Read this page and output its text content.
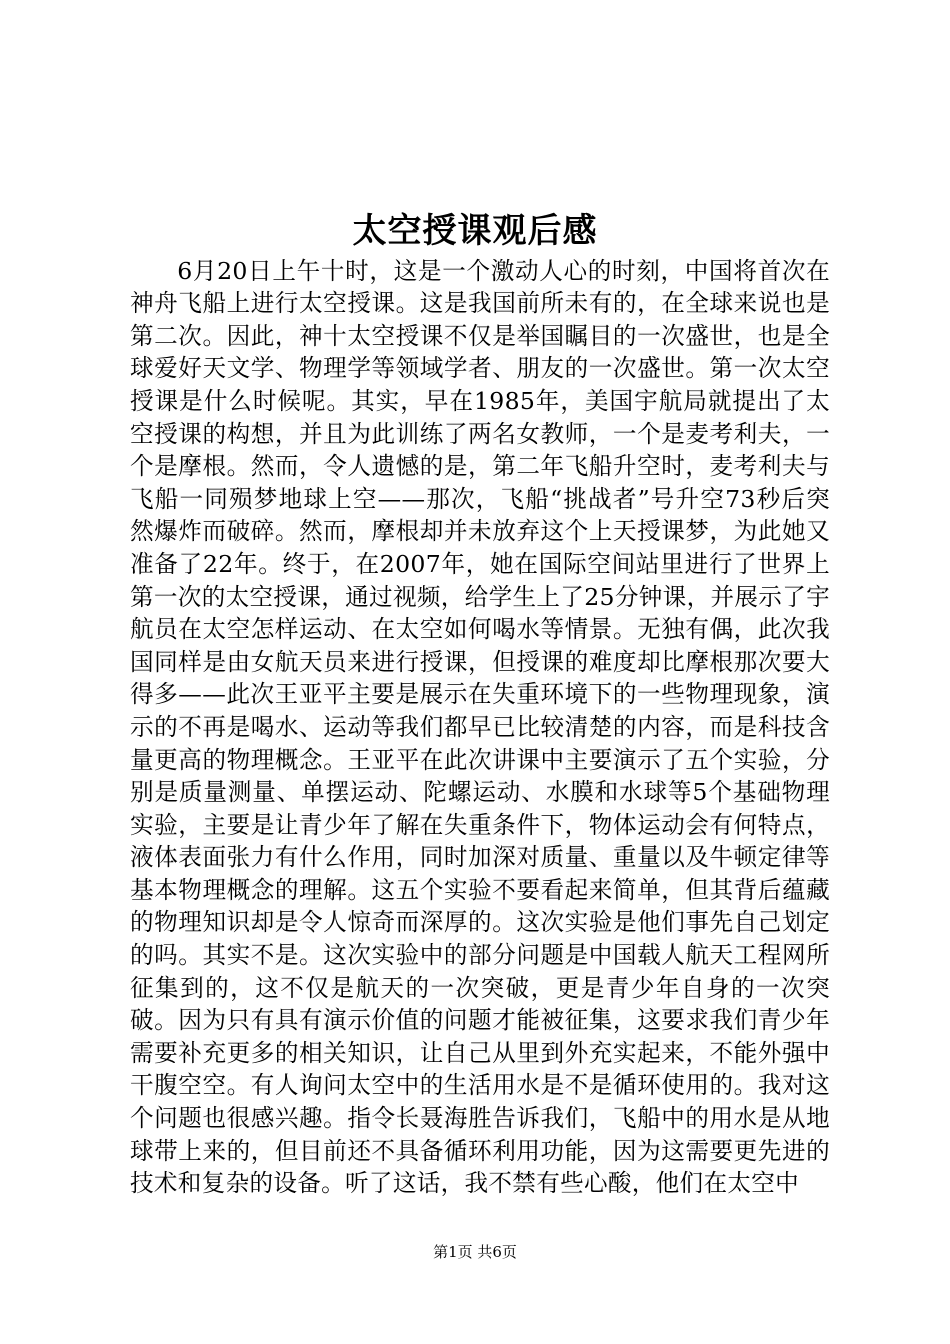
太空授课观后感

6月20日上午十时，这是一个激动人心的时刻，中国将首次在神舟飞船上进行太空授课。这是我国前所未有的，在全球来说也是第二次。因此，神十太空授课不仅是举国瞩目的一次盛世，也是全球爱好天文学、物理学等领域学者、朋友的一次盛世。第一次太空授课是什么时候呢。其实，早在1985年，美国宇航局就提出了太空授课的构想，并且为此训练了两名女教师，一个是麦考利夫，一个是摩根。然而，令人遗憾的是，第二年飞船升空时，麦考利夫与飞船一同殒梦地球上空——那次，飞船“挑战者”号升空73秒后突然爆炸而破碎。然而，摩根却并未放弃这个上天授课梦，为此她又准备了22年。终于，在2007年，她在国际空间站里进行了世界上第一次的太空授课，通过视频，给学生上了25分钟课，并展示了宇航员在太空怎样运动、在太空如何喝水等情景。无独有偶，此次我国同样是由女航天员来进行授课，但授课的难度却比摩根那次要大得多——此次王亚平主要是展示在失重环境下的一些物理现象，演示的不再是喝水、运动等我们都早已比较清楚的内容，而是科技含量更高的物理概念。王亚平在此次讲课中主要演示了五个实验，分别是质量测量、单摆运动、陀螺运动、水膜和水球等5个基础物理实验，主要是让青少年了解在失重条件下，物体运动会有何特点，液体表面张力有什么作用，同时加深对质量、重量以及牛顿定律等基本物理概念的理解。这五个实验不要看起来简单，但其背后蕴藏的物理知识却是令人惊奇而深厚的。这次实验是他们事先自己划定的吗。其实不是。这次实验中的部分问题是中国载人航天工程网所征集到的，这不仅是航天的一次突破，更是青少年自身的一次突破。因为只有具有演示价值的问题才能被征集，这要求我们青少年需要补充更多的相关知识，让自己从里到外充实起来，不能外强中干腹空空。有人询问太空中的生活用水是不是循环使用的。我对这个问题也很感兴趣。指令长聂海胜告诉我们，飞船中的用水是从地球带上来的，但目前还不具备循环利用功能，因为这需要更先进的技术和复杂的设备。听了这话，我不禁有些心酸，他们在太空中

第1页 共6页
